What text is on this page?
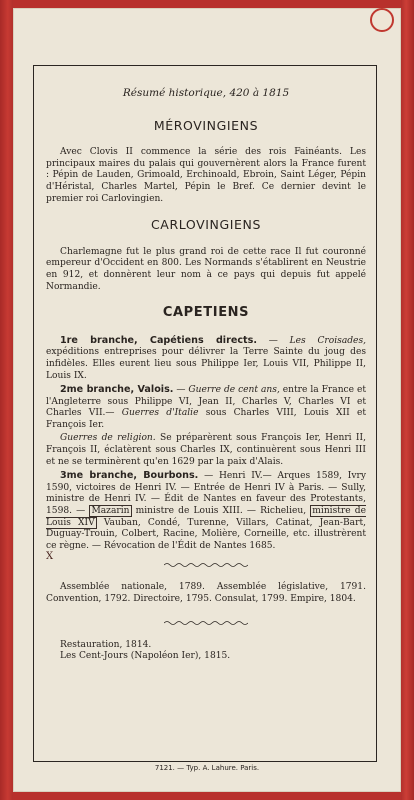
Résumé historique, 420 à 1815
MÉROVINGIENS

Avec Clovis II commence la série des rois Fainéants. Les principaux maires du palais qui gouvernèrent alors la France furent : Pépin de Lauden, Grimoald, Erchinoald, Ebroin, Saint Léger, Pépin d'Héristal, Charles Martel, Pépin le Bref. Ce dernier devint le premier roi Carlovingien.

CARLOVINGIENS

Charlemagne fut le plus grand roi de cette race Il fut couronné empereur d'Occident en 800. Les Normands s'établirent en Neustrie en 912, et donnèrent leur nom à ce pays qui depuis fut appelé Normandie.

CAPETIENS

1re branche, Capétiens directs. — Les Croisades, expéditions entreprises pour délivrer la Terre Sainte du joug des infidèles. Elles eurent lieu sous Philippe Ier, Louis VII, Philippe II, Louis IX.

2me branche, Valois. — Guerre de cent ans, entre la France et l'Angleterre sous Philippe VI, Jean II, Charles V, Charles VI et Charles VII.— Guerres d'Italie sous Charles VIII, Louis XII et François Ier.

Guerres de religion. Se préparèrent sous François Ier, Henri II, François II, éclatèrent sous Charles IX, continuèrent sous Henri III et ne se terminèrent qu'en 1629 par la paix d'Alais.

3me branche, Bourbons. — Henri IV.— Arques 1589, Ivry 1590, victoires de Henri IV. — Entrée de Henri IV à Paris. — Sully, ministre de Henri IV. — Édit de Nantes en faveur des Protestants, 1598. — Mazarin ministre de Louis XIII. — Richelieu, ministre de Louis XIV Vauban, Condé, Turenne, Villars, Catinat, Jean-Bart, Duguay-Trouin, Colbert, Racine, Molière, Corneille, etc. illustrèrent ce règne. — Révocation de l'Édit de Nantes 1685.
X

Assemblée nationale, 1789. Assemblée législative, 1791. Convention, 1792. Directoire, 1795. Consulat, 1799. Empire, 1804.

Restauration, 1814.
Les Cent-Jours (Napoléon Ier), 1815.
7121. — Typ. A. Lahure. Paris.
